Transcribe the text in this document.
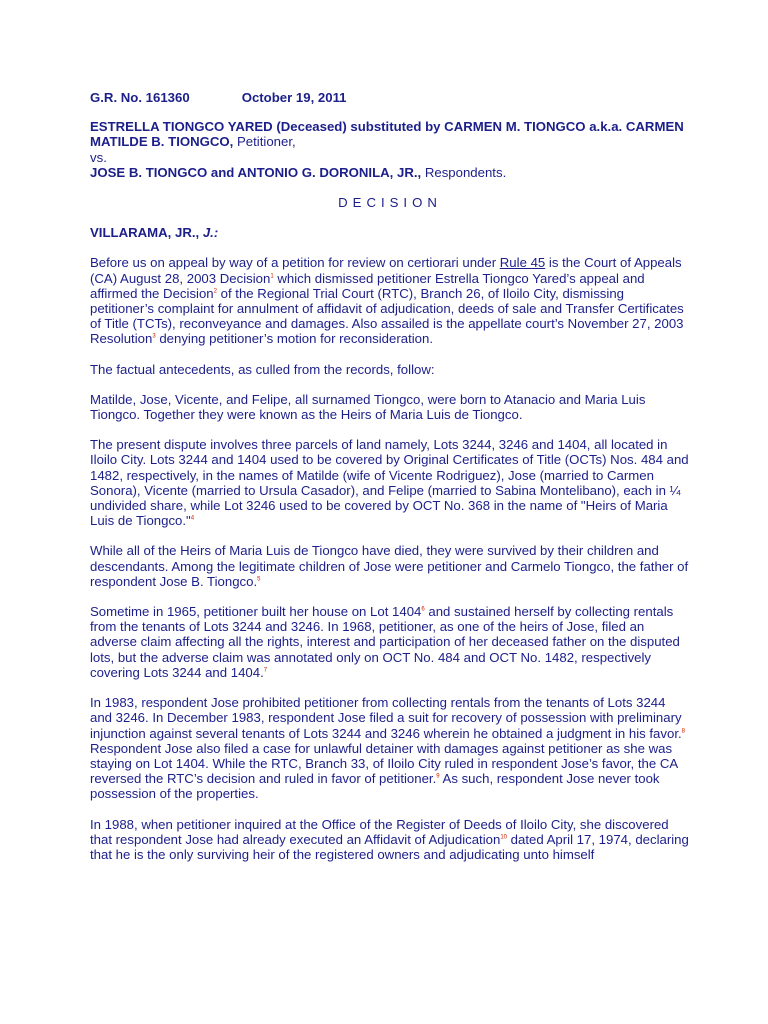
G.R. No. 161360	October 19, 2011
ESTRELLA TIONGCO YARED (Deceased) substituted by CARMEN M. TIONGCO a.k.a. CARMEN MATILDE B. TIONGCO, Petitioner,
vs.
JOSE B. TIONGCO and ANTONIO G. DORONILA, JR., Respondents.
DECISION
VILLARAMA, JR., J.:

Before us on appeal by way of a petition for review on certiorari under Rule 45 is the Court of Appeals (CA) August 28, 2003 Decision$^1$ which dismissed petitioner Estrella Tiongco Yared’s appeal and affirmed the Decision$^2$ of the Regional Trial Court (RTC), Branch 26, of Iloilo City, dismissing petitioner’s complaint for annulment of affidavit of adjudication, deeds of sale and Transfer Certificates of Title (TCTs), reconveyance and damages. Also assailed is the appellate court’s November 27, 2003 Resolution$^3$ denying petitioner’s motion for reconsideration.

The factual antecedents, as culled from the records, follow:

Matilde, Jose, Vicente, and Felipe, all surnamed Tiongco, were born to Atanacio and Maria Luis Tiongco. Together they were known as the Heirs of Maria Luis de Tiongco.

The present dispute involves three parcels of land namely, Lots 3244, 3246 and 1404, all located in Iloilo City. Lots 3244 and 1404 used to be covered by Original Certificates of Title (OCTs) Nos. 484 and 1482, respectively, in the names of Matilde (wife of Vicente Rodriguez), Jose (married to Carmen Sonora), Vicente (married to Ursula Casador), and Felipe (married to Sabina Montelibano), each in ¼ undivided share, while Lot 3246 used to be covered by OCT No. 368 in the name of "Heirs of Maria Luis de Tiongco."$^4$

While all of the Heirs of Maria Luis de Tiongco have died, they were survived by their children and descendants. Among the legitimate children of Jose were petitioner and Carmelo Tiongco, the father of respondent Jose B. Tiongco.$^5$

Sometime in 1965, petitioner built her house on Lot 1404$^6$ and sustained herself by collecting rentals from the tenants of Lots 3244 and 3246. In 1968, petitioner, as one of the heirs of Jose, filed an adverse claim affecting all the rights, interest and participation of her deceased father on the disputed lots, but the adverse claim was annotated only on OCT No. 484 and OCT No. 1482, respectively covering Lots 3244 and 1404.$^7$

In 1983, respondent Jose prohibited petitioner from collecting rentals from the tenants of Lots 3244 and 3246. In December 1983, respondent Jose filed a suit for recovery of possession with preliminary injunction against several tenants of Lots 3244 and 3246 wherein he obtained a judgment in his favor.$^8$ Respondent Jose also filed a case for unlawful detainer with damages against petitioner as she was staying on Lot 1404. While the RTC, Branch 33, of Iloilo City ruled in respondent Jose’s favor, the CA reversed the RTC’s decision and ruled in favor of petitioner.$^9$ As such, respondent Jose never took possession of the properties.

In 1988, when petitioner inquired at the Office of the Register of Deeds of Iloilo City, she discovered that respondent Jose had already executed an Affidavit of Adjudication$^{10}$ dated April 17, 1974, declaring that he is the only surviving heir of the registered owners and adjudicating unto himself
